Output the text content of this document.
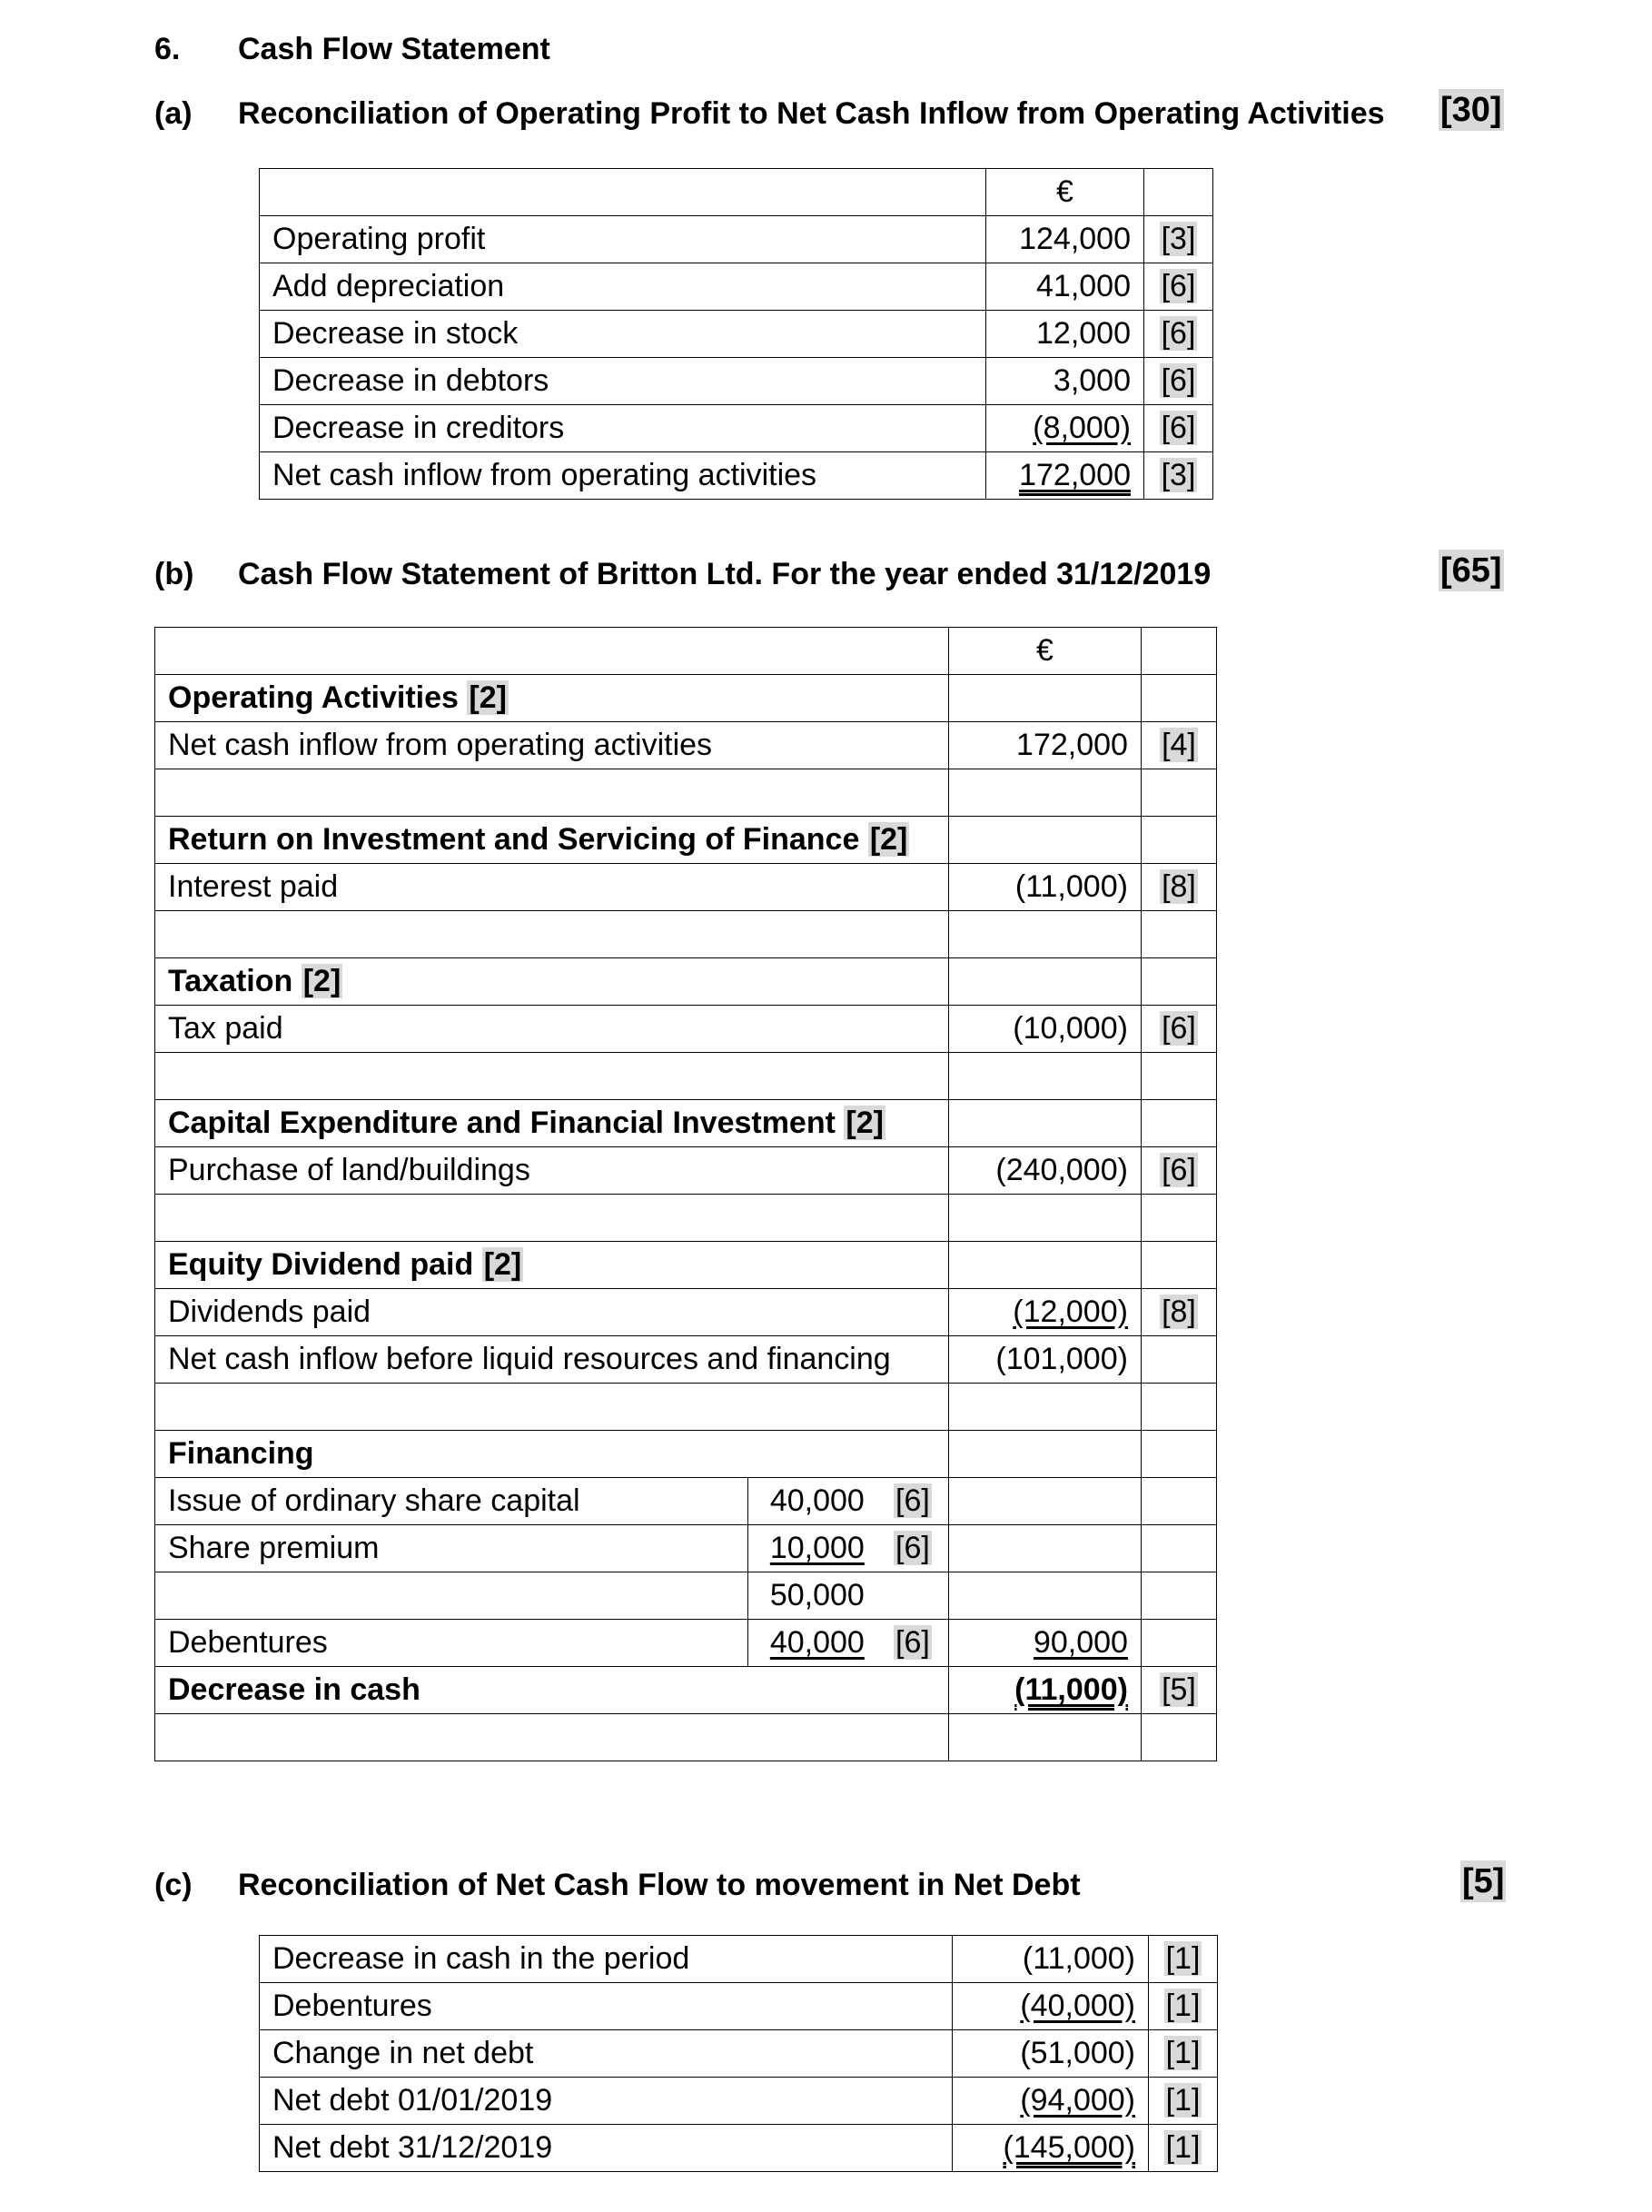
6. Cash Flow Statement
(a) Reconciliation of Operating Profit to Net Cash Inflow from Operating Activities [30]
	€	
Operating profit	124,000	[3]
Add depreciation	41,000	[6]
Decrease in stock	12,000	[6]
Decrease in debtors	3,000	[6]
Decrease in creditors	(8,000)	[6]
Net cash inflow from operating activities	172,000	[3]
(b) Cash Flow Statement of Britton Ltd. For the year ended 31/12/2019	[65]
			€	
Operating Activities [2]				
Net cash inflow from operating activities			172,000	[4]

Return on Investment and Servicing of Finance [2]				
Interest paid			(11,000)	[8]

Taxation [2]				
Tax paid			(10,000)	[6]

Capital Expenditure and Financial Investment [2]				
Purchase of land/buildings			(240,000)	[6]

Equity Dividend paid [2]				
Dividends paid			(12,000)	[8]
Net cash inflow before liquid resources and financing			(101,000)	

Financing				
Issue of ordinary share capital	40,000	[6]		
Share premium	10,000	[6]		
	50,000			
Debentures	40,000	[6]	90,000	
Decrease in cash			(11,000)	[5]

(c) Reconciliation of Net Cash Flow to movement in Net Debt	[5]
Decrease in cash in the period	(11,000)	[1]
Debentures	(40,000)	[1]
Change in net debt	(51,000)	[1]
Net debt 01/01/2019	(94,000)	[1]
Net debt 31/12/2019	(145,000)	[1]
